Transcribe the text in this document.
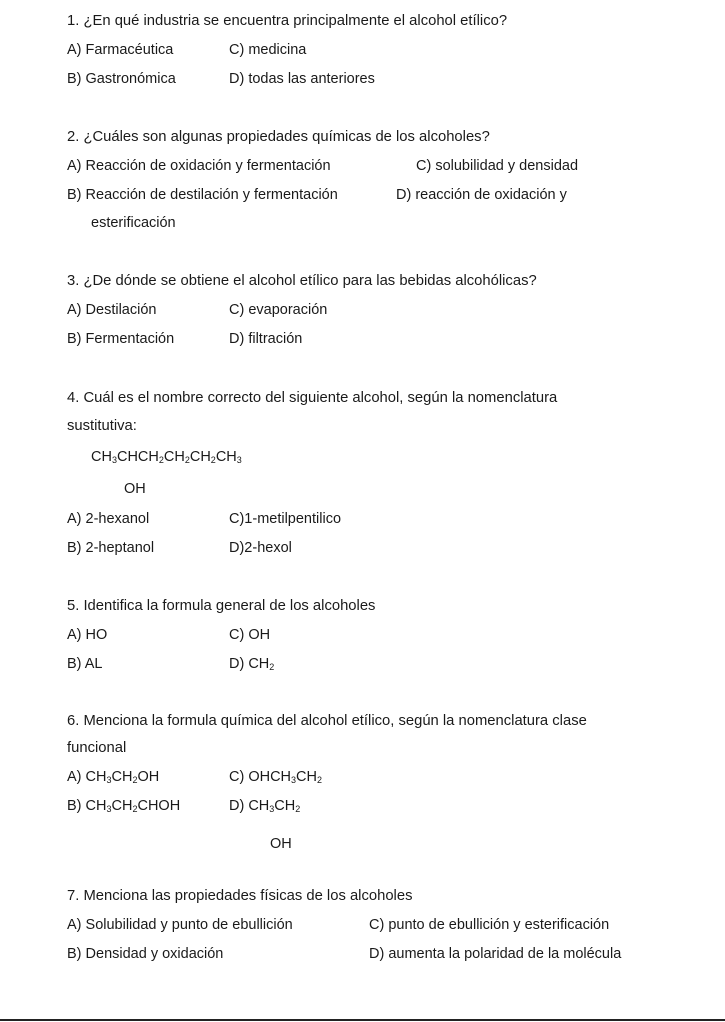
1. ¿En qué industria se encuentra principalmente el alcohol etílico?
A) Farmacéutica	C) medicina
B) Gastronómica	D) todas las anteriores
2. ¿Cuáles son algunas propiedades químicas de los alcoholes?
A) Reacción de oxidación y fermentación	C) solubilidad y densidad
B) Reacción de destilación y fermentación	D) reacción de oxidación y
esterificación
3. ¿De dónde se obtiene el alcohol etílico para las bebidas alcohólicas?
A) Destilación	C) evaporación
B) Fermentación	D) filtración
4. Cuál es el nombre correcto del siguiente alcohol, según la nomenclatura
sustitutiva:
$CH_3CHCH_2CH_2CH_2CH_3$
OH
A) 2-hexanol	C)1-metilpentilico
B) 2-heptanol	D)2-hexol
5. Identifica la formula general de los alcoholes
A) HO	C) OH
B) AL	D) $CH_2$
6. Menciona la formula química del alcohol etílico, según la nomenclatura clase
funcional
A) $CH_3CH_2OH$	C) $OHCH_3CH_2$
B) $CH_3CH_2CHOH$	D) $CH_3CH_2$
OH
7. Menciona las propiedades físicas de los alcoholes
A) Solubilidad y punto de ebullición	C) punto de ebullición y esterificación
B) Densidad y oxidación	D) aumenta la polaridad de la molécula
